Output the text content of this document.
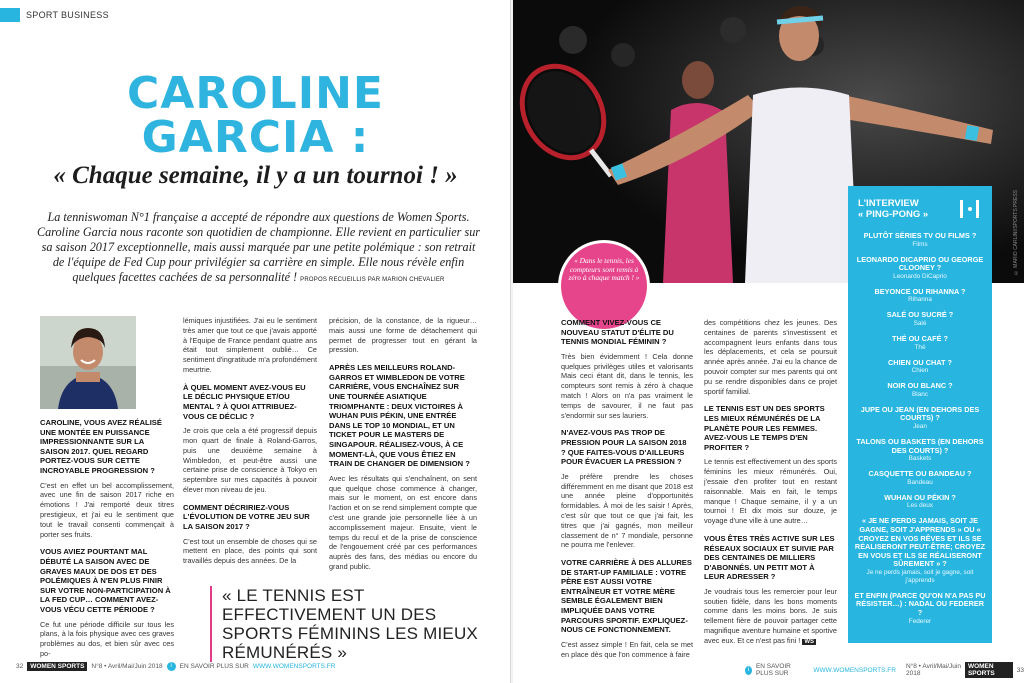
SPORT BUSINESS
CAROLINE
GARCIA :
« Chaque semaine, il y a un tournoi ! »
La tenniswoman N°1 française a accepté de répondre aux questions de Women Sports. Caroline Garcia nous raconte son quotidien de championne. Elle revient en particulier sur sa saison 2017 exceptionnelle, mais aussi marquée par une petite polémique : son retrait de l'équipe de Fed Cup pour privilégier sa carrière en simple. Elle nous révèle enfin quelques facettes cachées de sa personnalité ! PROPOS RECUEILLIS PAR MARION CHEVALIER
CAROLINE, VOUS AVEZ RÉALISÉ UNE MONTÉE EN PUISSANCE IMPRESSIONNANTE SUR LA SAISON 2017. QUEL REGARD PORTEZ-VOUS SUR CETTE INCROYABLE PROGRESSION ?
C'est en effet un bel accomplissement, avec une fin de saison 2017 riche en émotions ! J'ai remporté deux titres prestigieux, et j'ai eu le sentiment que tout le travail consenti commençait à porter ses fruits.
VOUS AVIEZ POURTANT MAL DÉBUTÉ LA SAISON AVEC DE GRAVES MAUX DE DOS ET DES POLÉMIQUES À N'EN PLUS FINIR SUR VOTRE NON-PARTICIPATION À LA FED CUP… COMMENT AVEZ-VOUS VÉCU CETTE PÉRIODE ?
Ce fut une période difficile sur tous les plans, à la fois physique avec ces graves problèmes au dos, et bien sûr avec ces po-
lémiques injustifiées. J'ai eu le sentiment très amer que tout ce que j'avais apporté à l'Equipe de France pendant quatre ans était tout simplement oublié… Ce sentiment d'ingratitude m'a profondément meurtrie.
À QUEL MOMENT AVEZ-VOUS EU LE DÉCLIC PHYSIQUE ET/OU MENTAL ? À QUOI ATTRIBUEZ-VOUS CE DÉCLIC ?
Je crois que cela a été progressif depuis mon quart de finale à Roland-Garros, puis une deuxième semaine à Wimbledon, et peut-être aussi une certaine prise de conscience à Tokyo en septembre sur mes capacités à pouvoir élever mon niveau de jeu.
COMMENT DÉCRIRIEZ-VOUS L'ÉVOLUTION DE VOTRE JEU SUR LA SAISON 2017 ?
C'est tout un ensemble de choses qui se mettent en place, des points qui sont travaillés depuis des années. De la
précision, de la constance, de la rigueur… mais aussi une forme de détachement qui permet de progresser tout en gérant la pression.
APRÈS LES MEILLEURS ROLAND-GARROS ET WIMBLEDON DE VOTRE CARRIÈRE, VOUS ENCHAÎNEZ SUR UNE TOURNÉE ASIATIQUE TRIOMPHANTE : DEUX VICTOIRES À WUHAN PUIS PÉKIN, UNE ENTRÉE DANS LE TOP 10 MONDIAL, ET UN TICKET POUR LE MASTERS DE SINGAPOUR. RÉALISEZ-VOUS, À CE MOMENT-LÀ, QUE VOUS ÊTIEZ EN TRAIN DE CHANGER DE DIMENSION ?
Avec les résultats qui s'enchaînent, on sent que quelque chose commence à changer, mais sur le moment, on est encore dans l'action et on se rend simplement compte que c'est une grande joie personnelle liée à un accomplissement majeur. Ensuite, vient le temps du recul et de la prise de conscience de l'engouement créé par ces performances auprès des fans, des médias ou encore du grand public.
« LE TENNIS EST EFFECTIVEMENT UN DES SPORTS FÉMININS LES MIEUX RÉMUNÉRÉS »
32	WOMEN SPORTS	N°8 • Avril/Mai/Juin 2018	i	EN SAVOIR PLUS SUR WWW.WOMENSPORTS.FR
« Dans le tennis, les compteurs sont remis à zéro à chaque match ! »
© MARIO CARLINI/SPORTS PRESS
COMMENT VIVEZ-VOUS CE NOUVEAU STATUT D'ÉLITE DU TENNIS MONDIAL FÉMININ ?
Très bien évidemment ! Cela donne quelques privilèges utiles et valorisants Mais ceci étant dit, dans le tennis, les compteurs sont remis à zéro à chaque match ! Alors on n'a pas vraiment le temps de savourer, il ne faut pas s'endormir sur ses lauriers.
N'AVEZ-VOUS PAS TROP DE PRESSION POUR LA SAISON 2018 ? QUE FAITES-VOUS D'AILLEURS POUR ÉVACUER LA PRESSION ?
Je préfère prendre les choses différemment en me disant que 2018 est une année pleine d'opportunités formidables. À moi de les saisir ! Après, c'est sûr que tout ce que j'ai fait, les titres que j'ai gagnés, mon meilleur classement de n° 7 mondiale, personne ne pourra me l'enlever.
VOTRE CARRIÈRE À DES ALLURES DE START-UP FAMILIALE : VOTRE PÈRE EST AUSSI VOTRE ENTRAÎNEUR ET VOTRE MÈRE SEMBLE ÉGALEMENT BIEN IMPLIQUÉE DANS VOTRE PARCOURS SPORTIF. EXPLIQUEZ-NOUS CE FONCTIONNEMENT.
C'est assez simple ! En fait, cela se met en place dès que l'on commence à faire
des compétitions chez les jeunes. Des centaines de parents s'investissent et accompagnent leurs enfants dans tous les déplacements, et cela se poursuit année après année. J'ai eu la chance de pouvoir compter sur mes parents qui ont pu se rendre disponibles dans ce projet sportif familial.
LE TENNIS EST UN DES SPORTS LES MIEUX RÉMUNÉRÉS DE LA PLANÈTE POUR LES FEMMES. AVEZ-VOUS LE TEMPS D'EN PROFITER ?
Le tennis est effectivement un des sports féminins les mieux rémunérés. Oui, j'essaie d'en profiter tout en restant raisonnable. Mais en fait, le temps manque ! Chaque semaine, il y a un tournoi ! Et dix mois sur douze, je voyage d'une ville à une autre…
VOUS ÊTES TRÈS ACTIVE SUR LES RÉSEAUX SOCIAUX ET SUIVIE PAR DES CENTAINES DE MILLIERS D'ABONNÉS. UN PETIT MOT À LEUR ADRESSER ?
Je voudrais tous les remercier pour leur soutien fidèle, dans les bons moments comme dans les moins bons. Je suis tellement fière de pouvoir partager cette magnifique aventure humaine et sportive avec eux. Et ce n'est pas fini ! WS
L'INTERVIEW
« PING-PONG »
PLUTÔT SÉRIES TV OU FILMS ?
Films
LEONARDO DICAPRIO OU GEORGE CLOONEY ?
Leonardo DiCaprio
BEYONCE OU RIHANNA ?
Rihanna
SALÉ OU SUCRÉ ?
Salé
THÉ OU CAFÉ ?
Thé
CHIEN OU CHAT ?
Chien
NOIR OU BLANC ?
Blanc
JUPE OU JEAN (EN DEHORS DES COURTS) ?
Jean
TALONS OU BASKETS (EN DEHORS DES COURTS) ?
Baskets
CASQUETTE OU BANDEAU ?
Bandeau
WUHAN OU PÉKIN ?
Les deux
« JE NE PERDS JAMAIS, SOIT JE GAGNE, SOIT J'APPRENDS » OU « CROYEZ EN VOS RÊVES ET ILS SE RÉALISERONT PEUT-ÊTRE; CROYEZ EN VOUS ET ILS SE RÉALISERONT SÛREMENT » ?
Je ne perds jamais, soit je gagne, soit j'apprends
ET ENFIN (PARCE QU'ON N'A PAS PU RÉSISTER…) : NADAL OU FEDERER ?
Federer
i	EN SAVOIR PLUS SUR	WWW.WOMENSPORTS.FR N°8 • Avril/Mai/Juin 2018
WOMEN SPORTS	33
